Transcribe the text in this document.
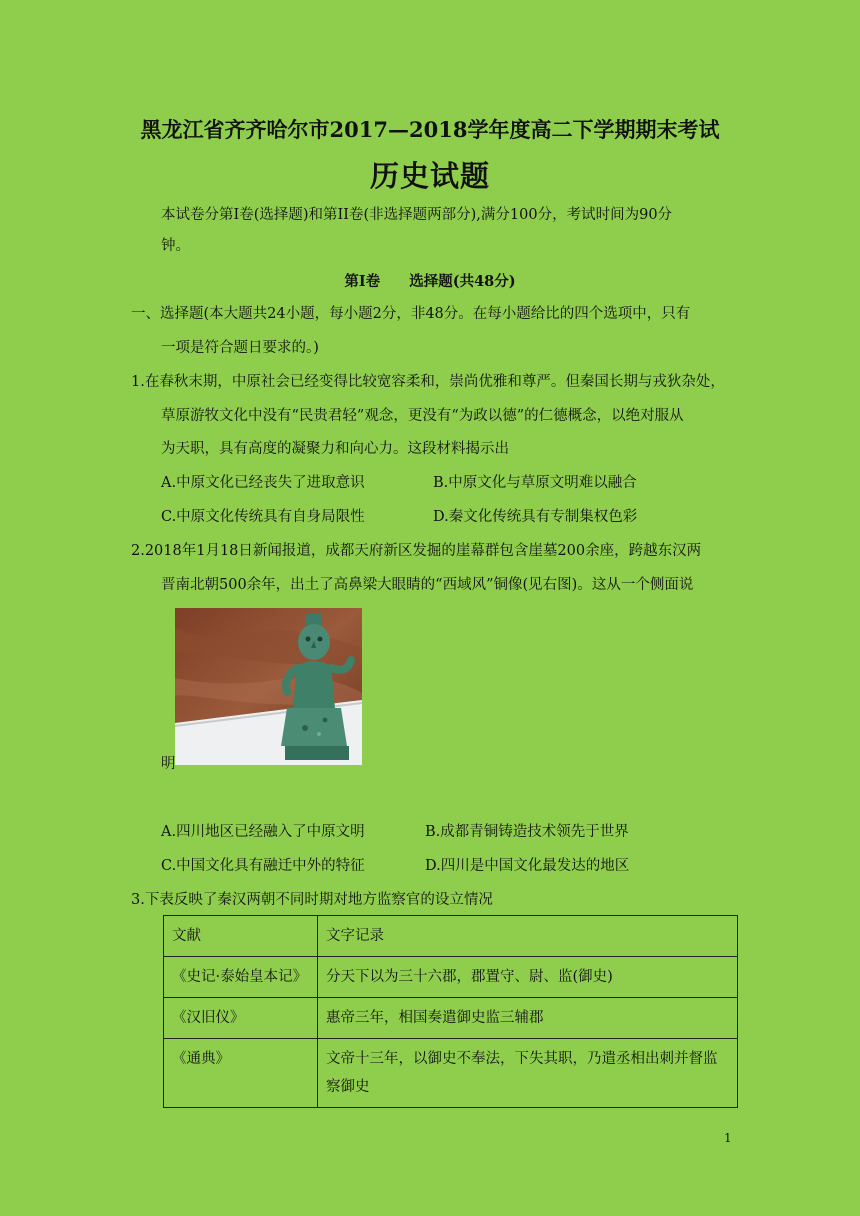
黑龙江省齐齐哈尔市2017—2018学年度高二下学期期末考试
历史试题
本试卷分第Ⅰ卷(选择题)和第II卷(非选择题两部分),满分100分，考试时间为90分
钟。
第Ⅰ卷 选择题(共48分)
一、选择题(本大题共24小题，每小题2分，非48分。在每小题给比的四个选项中，只有
一项是符合题日要求的。)
1.在春秋末期，中原社会已经变得比较宽容柔和，崇尚优雅和尊严。但秦国长期与戎狄杂处，
草原游牧文化中没有“民贵君轻”观念，更没有“为政以德”的仁德概念，以绝对服从
为天职，具有高度的凝聚力和向心力。这段材料揭示出
A.中原文化已经丧失了进取意识	B.中原文化与草原文明难以融合
C.中原文化传统具有自身局限性	D.秦文化传统具有专制集权色彩
2.2018年1月18日新闻报道，成都天府新区发掘的崖幕群包含崖墓200余座，跨越东汉两
晋南北朝500余年，出土了高鼻梁大眼睛的“西域风”铜像(见右图)。这从一个侧面说
明
A.四川地区已经融入了中原文明	B.成都青铜铸造技术领先于世界
C.中国文化具有融迁中外的特征	D.四川是中国文化最发达的地区
3.下表反映了秦汉两朝不同时期对地方监察官的设立情况
文献	文字记录
《史记·泰始皇本记》	分天下以为三十六郡，郡置守、尉、监(御史)
《汉旧仪》	惠帝三年，相国奏遣御史监三辅郡
《通典》	文帝十三年，以御史不奉法，下失其职，乃遣丞相出刺并督监察御史
1
